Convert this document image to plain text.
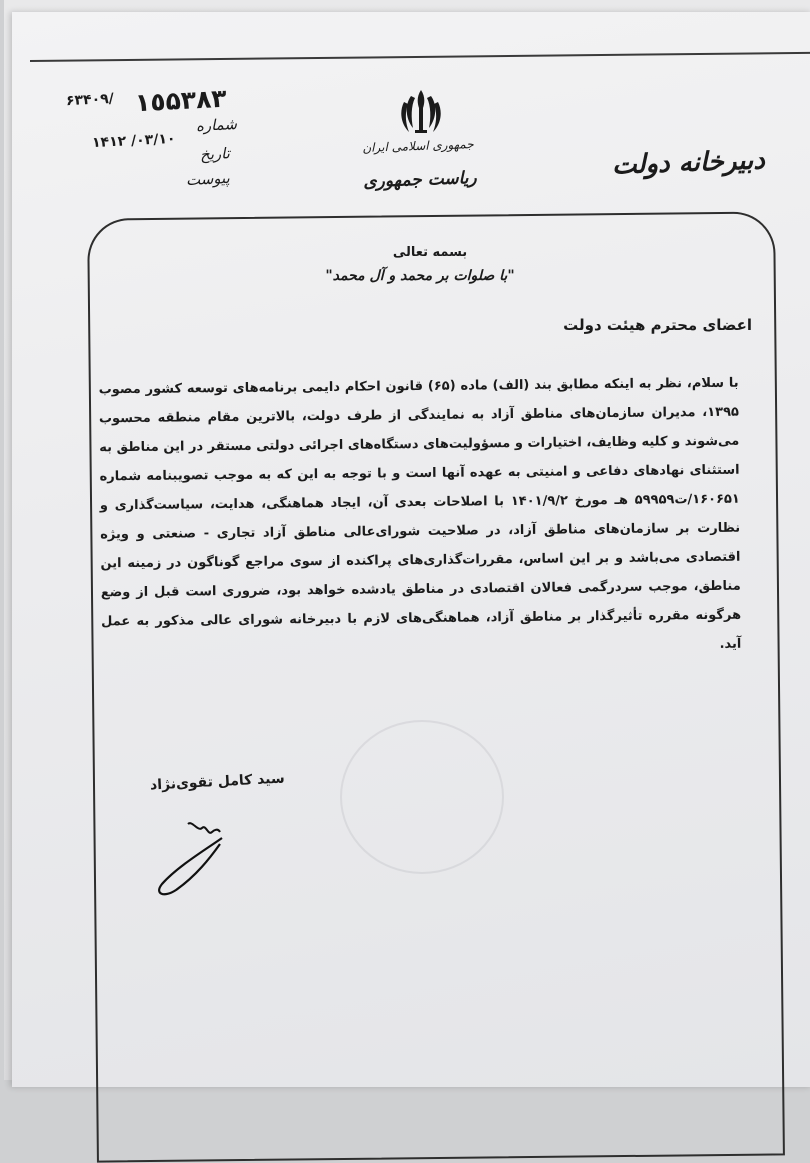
١٥۵٣٨٣
۶٣۴٠٩/
١۴٠٣/١٠/ ١٢
شماره
تاریخ
پیوست
جمهوری اسلامی ایران
ریاست جمهوری	دبیرخانه دولت
بسمه تعالی
"با صلوات بر محمد و آل محمد"
اعضای محترم هیئت دولت
با سلام، نظر به اینکه مطابق بند (الف) ماده (۶۵) قانون احکام دایمی برنامه‌های توسعه کشور مصوب ۱۳۹۵، مدیران سازمان‌های مناطق آزاد به نمایندگی از طرف دولت، بالاترین مقام منطقه محسوب می‌شوند و کلیه وظایف، اختیارات و مسؤولیت‌های دستگاه‌های اجرائی دولتی مستقر در این مناطق به استثنای نهادهای دفاعی و امنیتی به عهده آنها است و با توجه به این که به موجب تصویبنامه شماره ۱۶۰۶۵۱/ت۵۹۹۵۹ هـ مورخ ۱۴۰۱/۹/۲ با اصلاحات بعدی آن، ایجاد هماهنگی، هدایت، سیاست‌گذاری و نظارت بر سازمان‌های مناطق آزاد، در صلاحیت شورای‌عالی مناطق آزاد تجاری - صنعتی و ویژه اقتصادی می‌باشد و بر این اساس، مقررات‌گذاری‌های پراکنده از سوی مراجع گوناگون در زمینه این مناطق، موجب سردرگمی فعالان اقتصادی در مناطق یادشده خواهد بود، ضروری است قبل از وضع هرگونه مقرره تأثیرگذار بر مناطق آزاد، هماهنگی‌های لازم با دبیرخانه شورای عالی مذکور به عمل آید.
سید کامل تقوی‌نژاد
